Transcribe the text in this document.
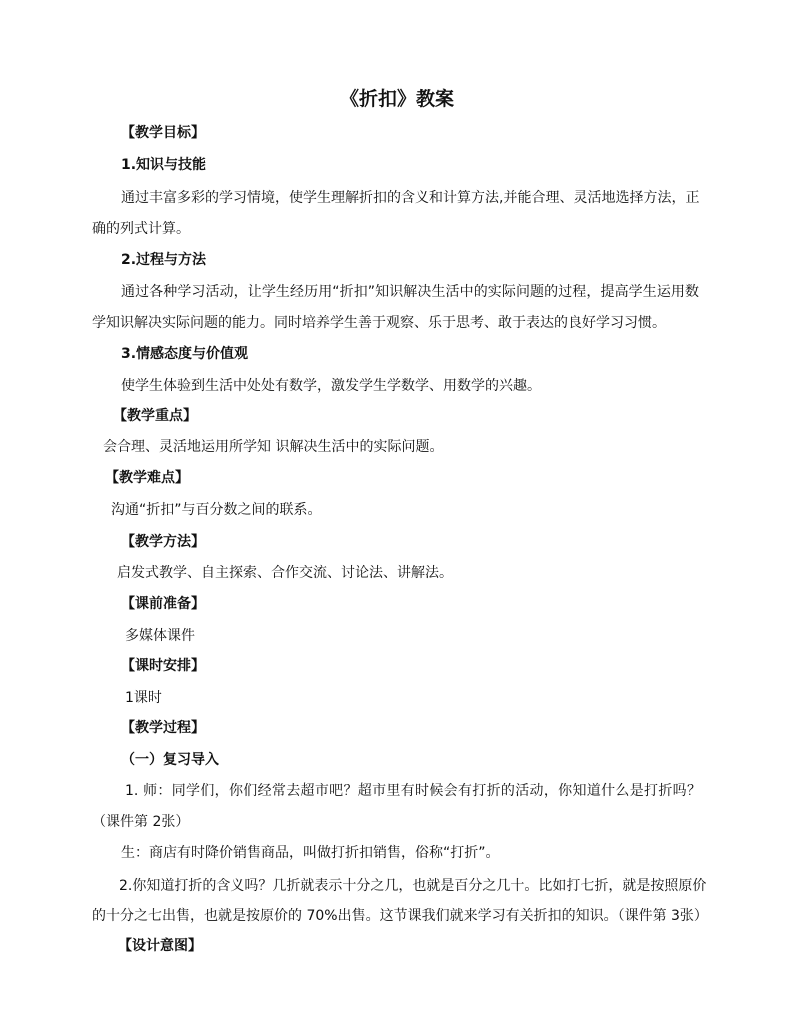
《折扣》教案
【教学目标】
1.知识与技能
通过丰富多彩的学习情境，使学生理解折扣的含义和计算方法,并能合理、灵活地选择方法，正
确的列式计算。
2.过程与方法
通过各种学习活动，让学生经历用“折扣”知识解决生活中的实际问题的过程，提高学生运用数
学知识解决实际问题的能力。同时培养学生善于观察、乐于思考、敢于表达的良好学习习惯。
3.情感态度与价值观
使学生体验到生活中处处有数学，激发学生学数学、用数学的兴趣。
【教学重点】
会合理、灵活地运用所学知 识解决生活中的实际问题。
【教学难点】
沟通“折扣”与百分数之间的联系。
【教学方法】
启发式教学、自主探索、合作交流、讨论法、讲解法。
【课前准备】
多媒体课件
【课时安排】
1课时
【教学过程】
（一）复习导入
1. 师：同学们，你们经常去超市吧？超市里有时候会有打折的活动，你知道什么是打折吗？
（课件第 2张）
生：商店有时降价销售商品，叫做打折扣销售，俗称“打折”。
2.你知道打折的含义吗？几折就表示十分之几，也就是百分之几十。比如打七折，就是按照原价
的十分之七出售，也就是按原价的 70%出售。这节课我们就来学习有关折扣的知识。（课件第 3张）
【设计意图】
